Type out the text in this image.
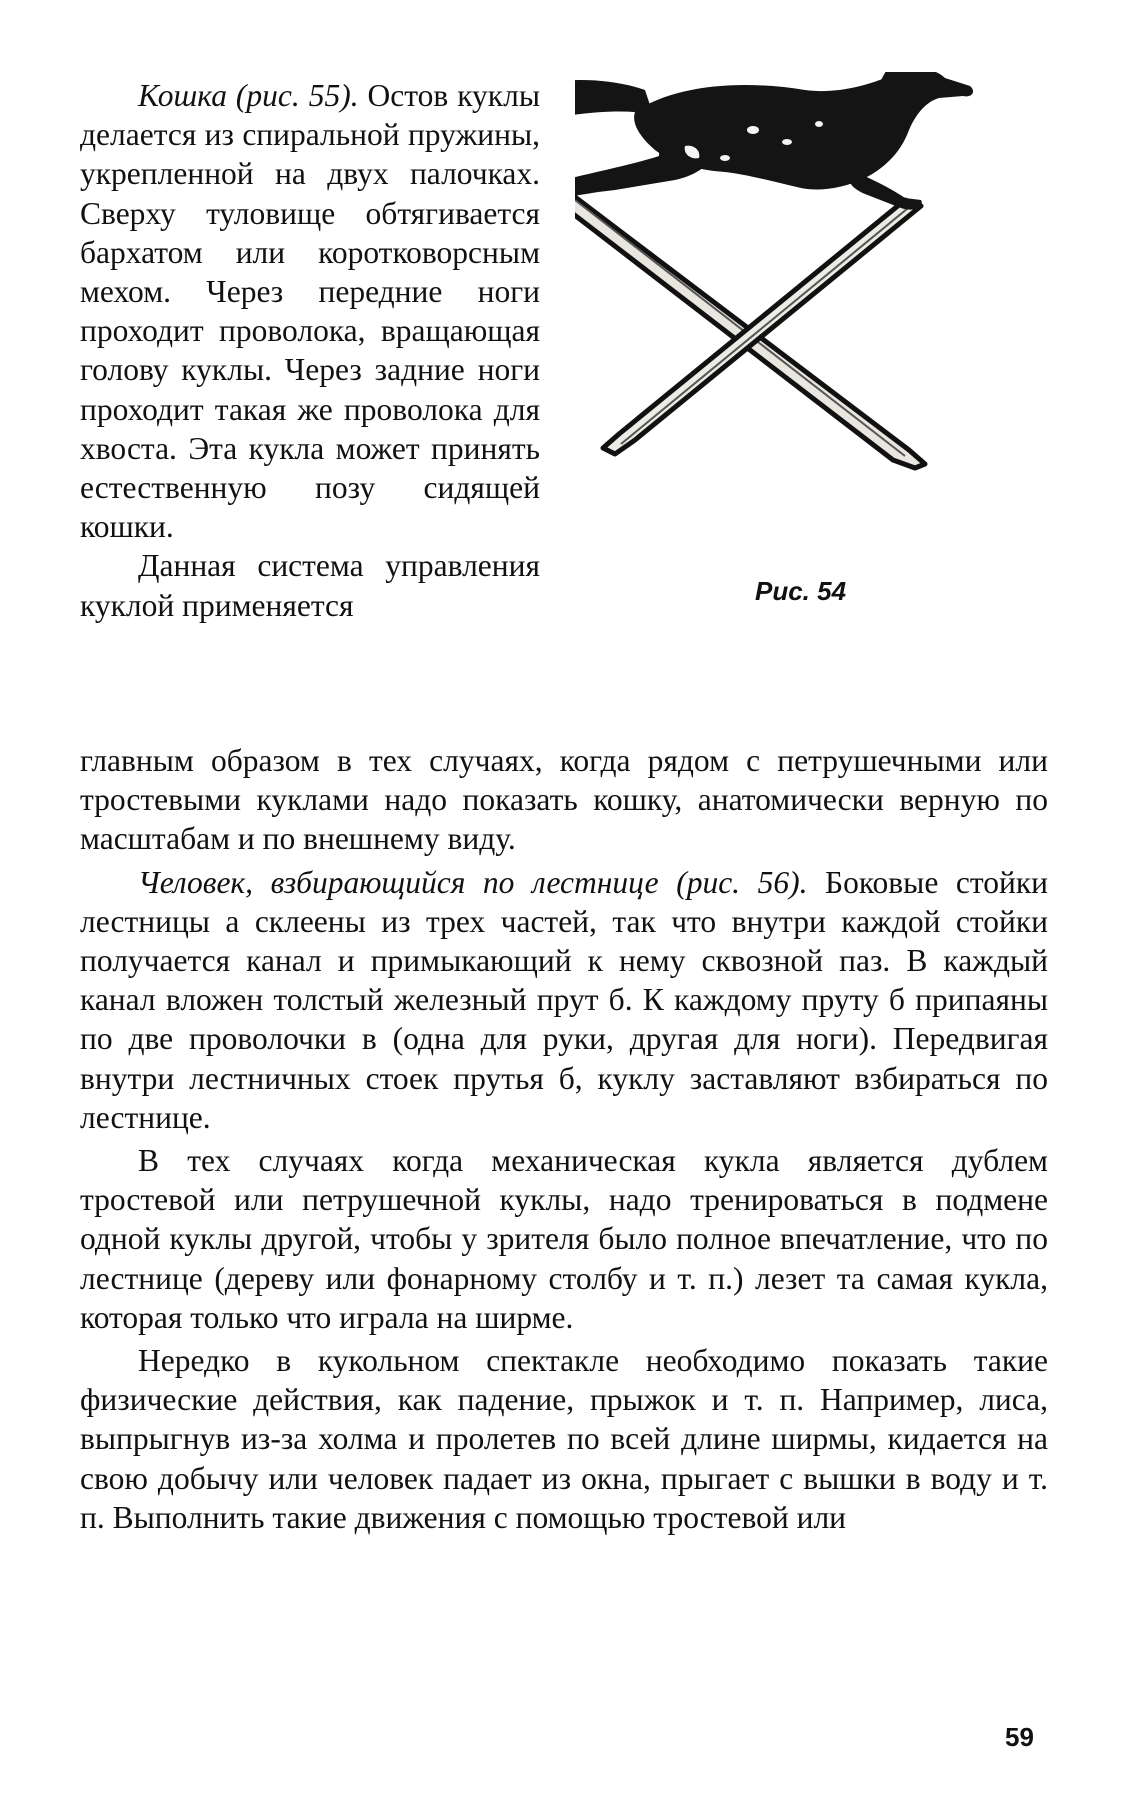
Кошка (рис. 55). Остов куклы делается из спиральной пружины, укрепленной на двух палочках. Сверху туловище обтягивается бархатом или коротковорсным мехом. Через передние ноги проходит проволока, вращающая голову куклы. Через задние ноги проходит такая же проволока для хвоста. Эта кукла может принять естественную позу сидящей кошки.

Данная система управления куклой применяется	Рис. 54

главным образом в тех случаях, когда рядом с петрушечными или тростевыми куклами надо показать кошку, анатомически верную по масштабам и по внешнему виду.

Человек, взбирающийся по лестнице (рис. 56). Боковые стойки лестницы а склеены из трех частей, так что внутри каждой стойки получается канал и примыкающий к нему сквозной паз. В каждый канал вложен толстый железный прут б. К каждому пруту б припаяны по две проволочки в (одна для руки, другая для ноги). Передвигая внутри лестничных стоек прутья б, куклу заставляют взбираться по лестнице.

В тех случаях когда механическая кукла является дублем тростевой или петрушечной куклы, надо тренироваться в подмене одной куклы другой, чтобы у зрителя было полное впечатление, что по лестнице (дереву или фонарному столбу и т. п.) лезет та самая кукла, которая только что играла на ширме.

Нередко в кукольном спектакле необходимо показать такие физические действия, как падение, прыжок и т. п. Например, лиса, выпрыгнув из-за холма и пролетев по всей длине ширмы, кидается на свою добычу или человек падает из окна, прыгает с вышки в воду и т. п. Выполнить такие движения с помощью тростевой или

59
